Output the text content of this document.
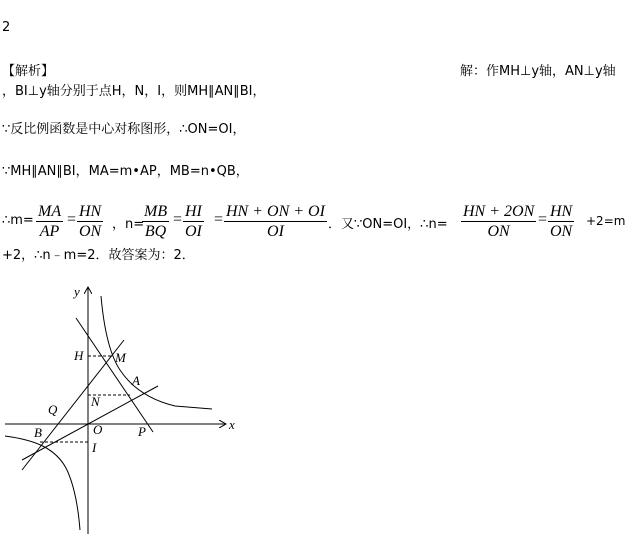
2
【解析】	解：作MH⊥y轴，AN⊥y轴
，BI⊥y轴分别于点H，N，I，则MH∥AN∥BI，
∵反比例函数是中心对称图形，∴ON=OI，
∵MH∥AN∥BI，MA=m•AP，MB=n•QB，
∴m=
MA
AP
= HN
ON ，n=
MB
BQ
= HI
OI
= HN + ON + OI
OI	．又∵ON=OI，∴n=
HN + 2ON
ON
= HN
ON
+2=m
+2，∴n﹣m=2．故答案为：2．
y
x
H M
A
N
Q
O	P
B
I
